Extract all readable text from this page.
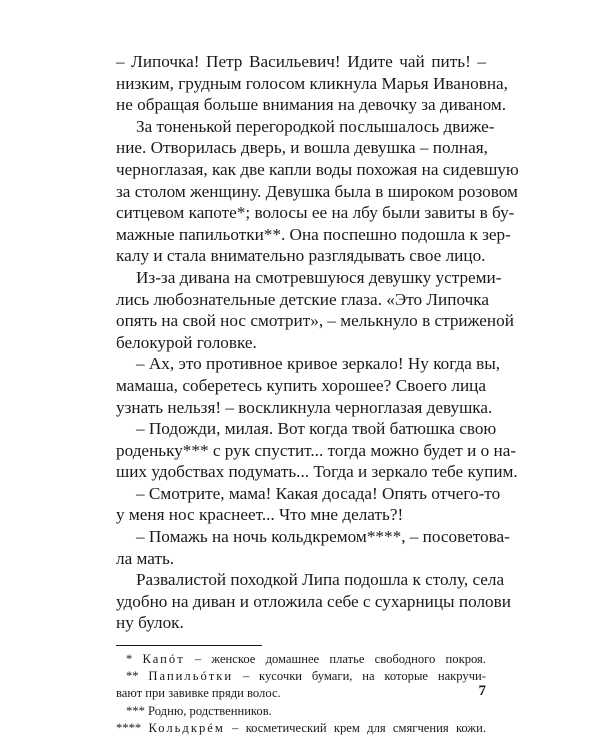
– Липочка! Петр Васильевич! Идите чай пить! –
низким, грудным голосом кликнула Марья Ивановна,
не обращая больше внимания на девочку за диваном.
За тоненькой перегородкой послышалось движе-
ние. Отворилась дверь, и вошла девушка – полная,
черноглазая, как две капли воды похожая на сидевшую
за столом женщину. Девушка была в широком розовом
ситцевом капоте*; волосы ее на лбу были завиты в бу-
мажные папильотки**. Она поспешно подошла к зер-
калу и стала внимательно разглядывать свое лицо.
Из-за дивана на смотревшуюся девушку устреми-
лись любознательные детские глаза. «Это Липочка
опять на свой нос смотрит», – мелькнуло в стриженой
белокурой головке.
– Ах, это противное кривое зеркало! Ну когда вы,
мамаша, соберетесь купить хорошее? Своего лица
узнать нельзя! – воскликнула черноглазая девушка.
– Подожди, милая. Вот когда твой батюшка свою
роденьку*** с рук спустит... тогда можно будет и о на-
ших удобствах подумать... Тогда и зеркало тебе купим.
– Смотрите, мама! Какая досада! Опять отчего-то
у меня нос краснеет... Что мне делать?!
– Помажь на ночь кольдкремом****, – посоветова-
ла мать.
Развалистой походкой Липа подошла к столу, села
удобно на диван и отложила себе с сухарницы полови
ну булок.
* Капóт – женское домашнее платье свободного покроя.
** Папильóтки – кусочки бумаги, на которые накручи-
вают при завивке пряди волос.
*** Родню, родственников.
**** Кольдкрéм – косметический крем для смягчения кожи.
7
